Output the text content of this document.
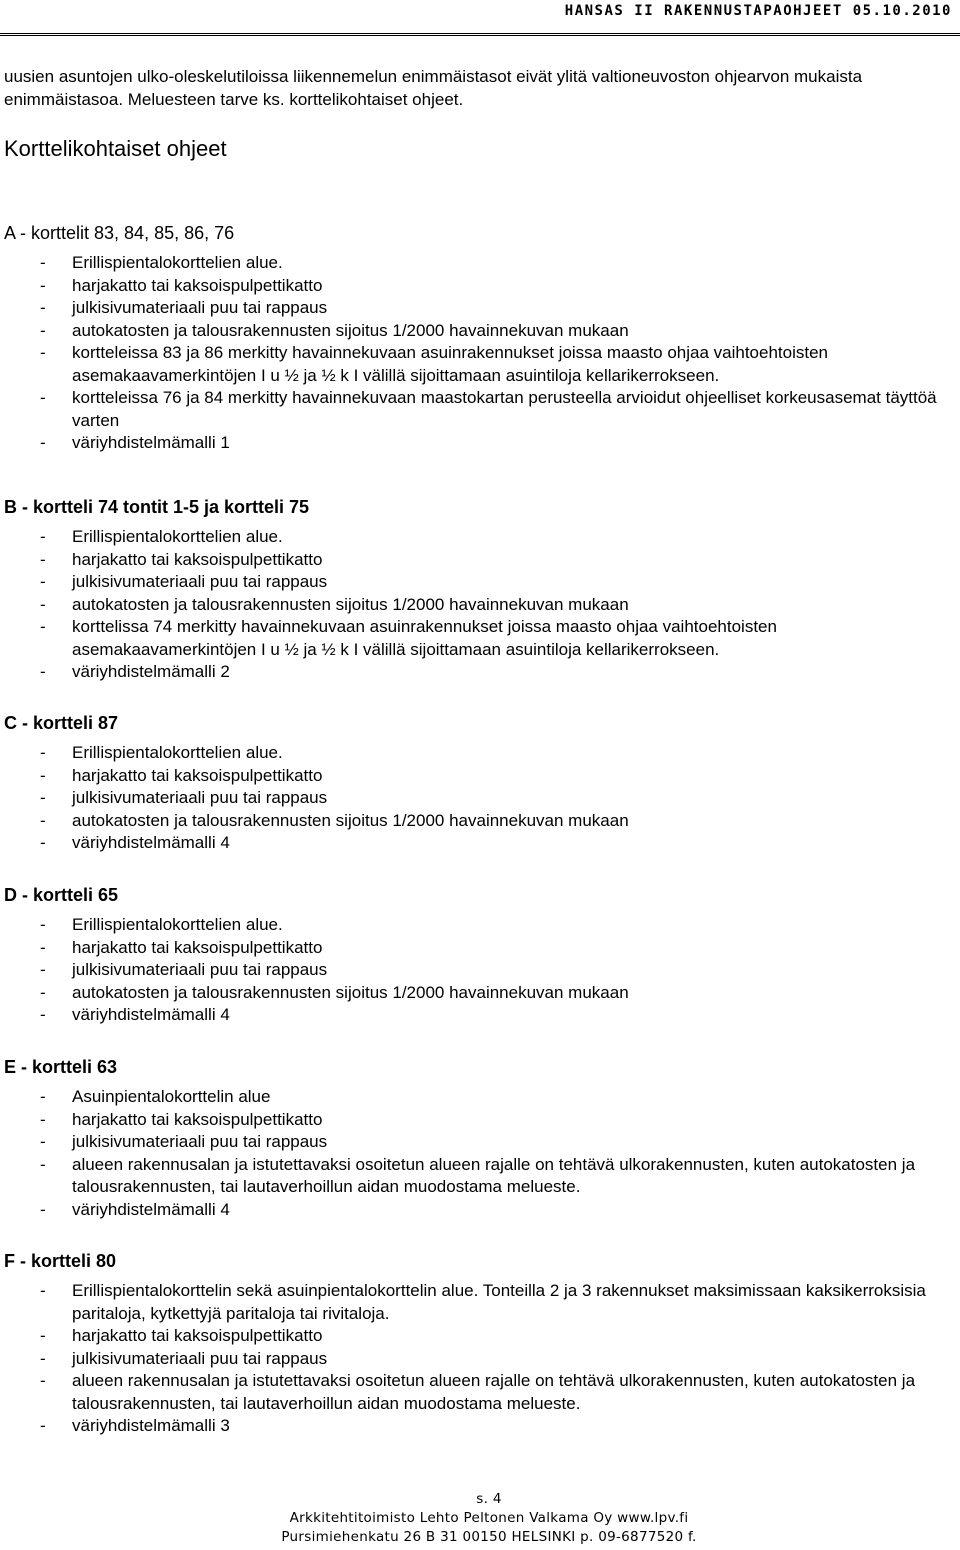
HANSAS II RAKENNUSTAPAOHJEET 05.10.2010

uusien asuntojen ulko-oleskelutiloissa liikennemelun enimmäistasot eivät ylitä valtioneuvoston ohjearvon mukaista enimmäistasoa. Meluesteen tarve ks. korttelikohtaiset ohjeet.

Korttelikohtaiset ohjeet
A - korttelit 83, 84, 85, 86, 76
- Erillispientalokorttelien alue.
- harjakatto tai kaksoispulpettikatto
- julkisivumateriaali puu tai rappaus
- autokatosten ja talousrakennusten sijoitus 1/2000 havainnekuvan mukaan
- kortteleissa 83 ja 86 merkitty havainnekuvaan asuinrakennukset joissa maasto ohjaa vaihtoehtoisten asemakaavamerkintöjen I u ½ ja ½ k I välillä sijoittamaan asuintiloja kellarikerrokseen.
- kortteleissa 76 ja 84 merkitty havainnekuvaan maastokartan perusteella arvioidut ohjeelliset korkeusasemat täyttöä varten
- väriyhdistelmämalli 1
B - kortteli 74 tontit 1-5 ja kortteli 75
- Erillispientalokorttelien alue.
- harjakatto tai kaksoispulpettikatto
- julkisivumateriaali puu tai rappaus
- autokatosten ja talousrakennusten sijoitus 1/2000 havainnekuvan mukaan
- korttelissa 74 merkitty havainnekuvaan asuinrakennukset joissa maasto ohjaa vaihtoehtoisten asemakaavamerkintöjen I u ½ ja ½ k I välillä sijoittamaan asuintiloja kellarikerrokseen.
- väriyhdistelmämalli 2
C - kortteli 87
- Erillispientalokorttelien alue.
- harjakatto tai kaksoispulpettikatto
- julkisivumateriaali puu tai rappaus
- autokatosten ja talousrakennusten sijoitus 1/2000 havainnekuvan mukaan
- väriyhdistelmämalli 4
D - kortteli 65
- Erillispientalokorttelien alue.
- harjakatto tai kaksoispulpettikatto
- julkisivumateriaali puu tai rappaus
- autokatosten ja talousrakennusten sijoitus 1/2000 havainnekuvan mukaan
- väriyhdistelmämalli 4
E - kortteli 63
- Asuinpientalokorttelin alue
- harjakatto tai kaksoispulpettikatto
- julkisivumateriaali puu tai rappaus
- alueen rakennusalan ja istutettavaksi osoitetun alueen rajalle on tehtävä ulkorakennusten, kuten autokatosten ja talousrakennusten, tai lautaverhoillun aidan muodostama melueste.
- väriyhdistelmämalli 4
F - kortteli 80
- Erillispientalokorttelin sekä asuinpientalokorttelin alue. Tonteilla 2 ja 3 rakennukset maksimissaan kaksikerroksisia paritaloja, kytkettyjä paritaloja tai rivitaloja.
- harjakatto tai kaksoispulpettikatto
- julkisivumateriaali puu tai rappaus
- alueen rakennusalan ja istutettavaksi osoitetun alueen rajalle on tehtävä ulkorakennusten, kuten autokatosten ja talousrakennusten, tai lautaverhoillun aidan muodostama melueste.
- väriyhdistelmämalli 3
s. 4
Arkkitehtitoimisto Lehto Peltonen Valkama Oy www.lpv.fi
Pursimiehenkatu 26 B 31 00150 HELSINKI p. 09-6877520 f.
